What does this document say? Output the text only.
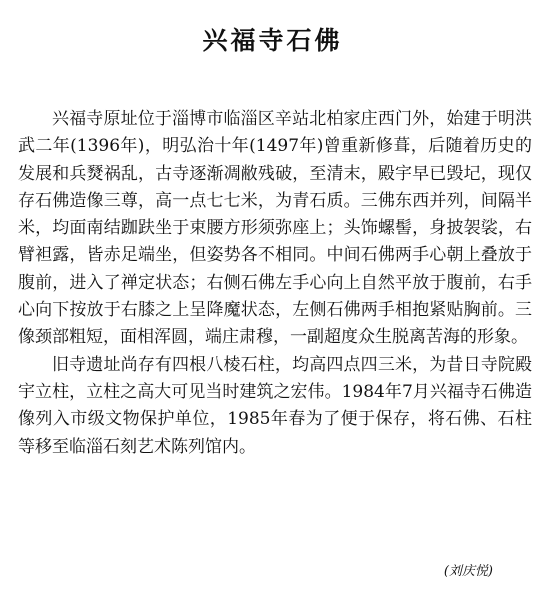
兴福寺石佛

兴福寺原址位于淄博市临淄区辛站北柏家庄西门外，始建于明洪武二年(1396年)，明弘治十年(1497年)曾重新修葺，后随着历史的发展和兵燹祸乱，古寺逐渐凋敝残破，至清末，殿宇早已毁圮，现仅存石佛造像三尊，高一点七七米，为青石质。三佛东西并列，间隔半米，均面南结跏趺坐于束腰方形须弥座上；头饰螺髻，身披袈裟，右臂袒露，皆赤足端坐，但姿势各不相同。中间石佛两手心朝上叠放于腹前，进入了禅定状态；右侧石佛左手心向上自然平放于腹前，右手心向下按放于右膝之上呈降魔状态，左侧石佛两手相抱紧贴胸前。三像颈部粗短，面相浑圆，端庄肃穆，一副超度众生脱离苦海的形象。

旧寺遗址尚存有四根八棱石柱，均高四点四三米，为昔日寺院殿宇立柱，立柱之高大可见当时建筑之宏伟。1984年7月兴福寺石佛造像列入市级文物保护单位，1985年春为了便于保存，将石佛、石柱等移至临淄石刻艺术陈列馆内。

(刘庆悦)
